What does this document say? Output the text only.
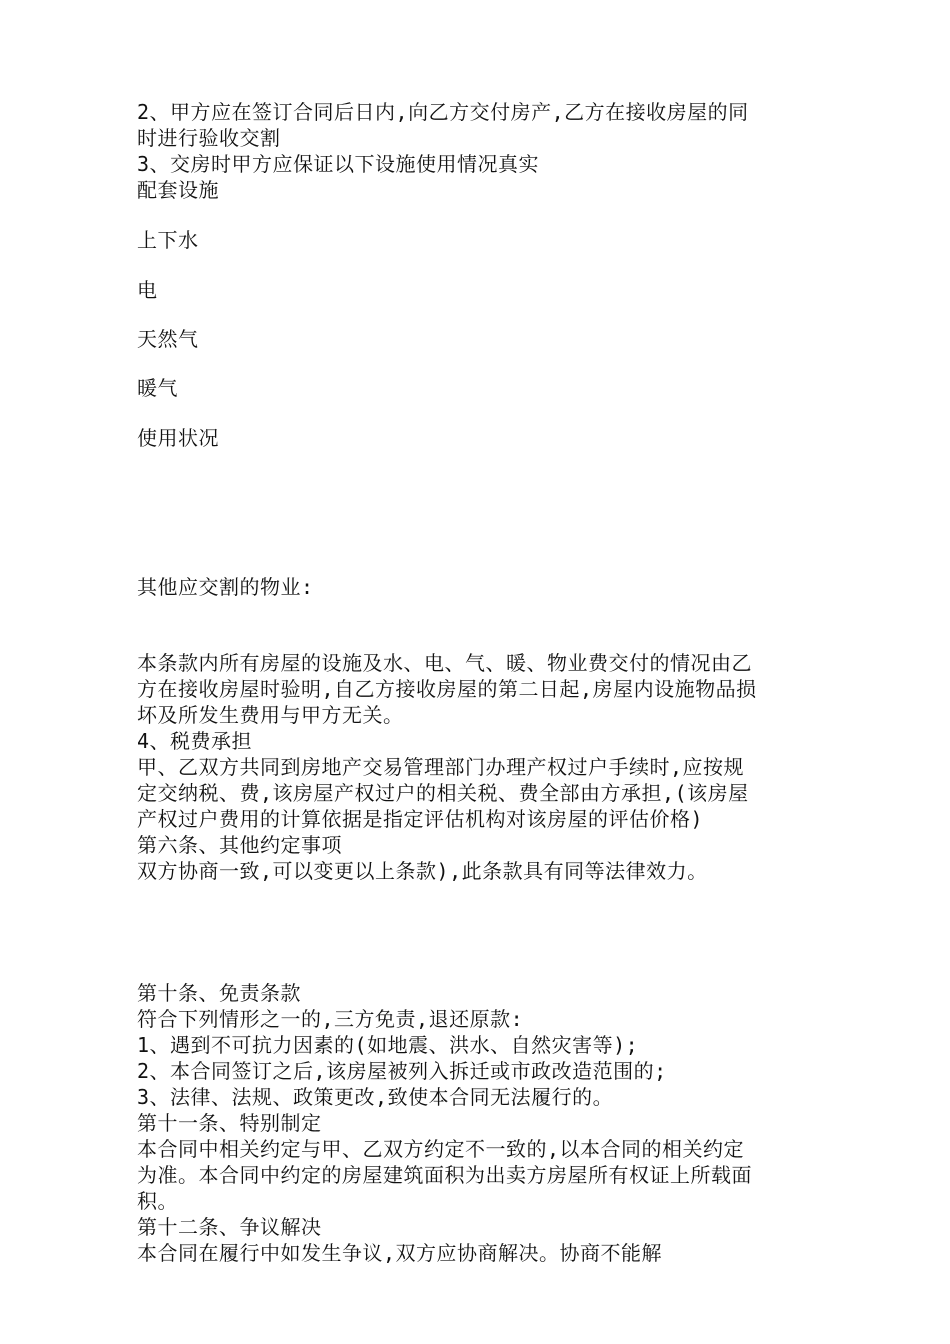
2、甲方应在签订合同后日内,向乙方交付房产,乙方在接收房屋的同
时进行验收交割
3、交房时甲方应保证以下设施使用情况真实
配套设施
上下水
电
天然气
暖气
使用状况
其他应交割的物业:
本条款内所有房屋的设施及水、电、气、暖、物业费交付的情况由乙
方在接收房屋时验明,自乙方接收房屋的第二日起,房屋内设施物品损
坏及所发生费用与甲方无关。
4、税费承担
甲、乙双方共同到房地产交易管理部门办理产权过户手续时,应按规
定交纳税、费,该房屋产权过户的相关税、费全部由方承担,(该房屋
产权过户费用的计算依据是指定评估机构对该房屋的评估价格)
第六条、其他约定事项
双方协商一致,可以变更以上条款),此条款具有同等法律效力。
第十条、免责条款
符合下列情形之一的,三方免责,退还原款:
1、遇到不可抗力因素的(如地震、洪水、自然灾害等);
2、本合同签订之后,该房屋被列入拆迁或市政改造范围的;
3、法律、法规、政策更改,致使本合同无法履行的。
第十一条、特别制定
本合同中相关约定与甲、乙双方约定不一致的,以本合同的相关约定
为准。本合同中约定的房屋建筑面积为出卖方房屋所有权证上所载面
积。
第十二条、争议解决
本合同在履行中如发生争议,双方应协商解决。协商不能解
